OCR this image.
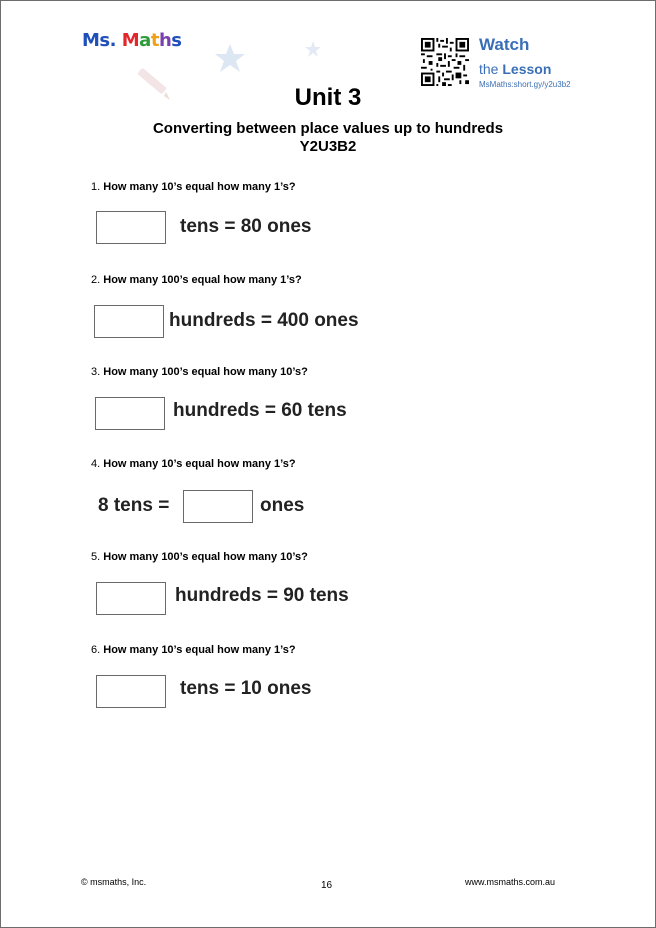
Ms. Maths	Watch
the Lesson
MsMaths:short.gy/y2u3b2
Unit 3
Converting between place values up to hundreds
Y2U3B2
1. How many 10’s equal how many 1’s?
tens = 80 ones
2. How many 100’s equal how many 1’s?
hundreds = 400 ones
3. How many 100’s equal how many 10’s?
hundreds = 60 tens
4. How many 10’s equal how many 1’s?
8 tens =	ones
5. How many 100’s equal how many 10’s?
hundreds = 90 tens
6. How many 10’s equal how many 1’s?
tens = 10 ones
© msmaths, Inc.	16	www.msmaths.com.au
